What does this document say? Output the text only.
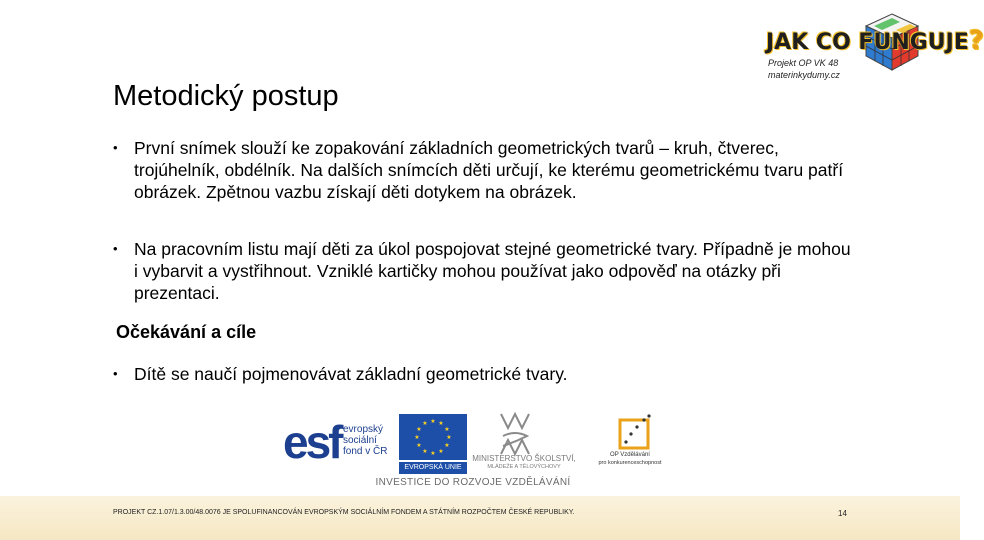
JAK CO FUNGUJE?
Projekt OP VK 48
materinkydumy.cz
Metodický postup
• První snímek slouží ke zopakování základních geometrických tvarů – kruh, čtverec, trojúhelník, obdélník. Na dalších snímcích děti určují, ke kterému geometrickému tvaru patří obrázek. Zpětnou vazbu získají děti dotykem na obrázek.
• Na pracovním listu mají děti za úkol pospojovat stejné geometrické tvary. Případně je mohou i vybarvit a vystřihnout. Vzniklé kartičky mohou používat jako odpověď na otázky při prezentaci.
Očekávání a cíle
• Dítě se naučí pojmenovávat základní geometrické tvary.
esf evropský
sociální
fond v ČR
★ ★
★
★
★
★
★
★
★
★
★
★
EVROPSKÁ UNIE
MINISTERSTVO ŠKOLSTVÍ,
MLÁDEŽE A TĚLOVÝCHOVY
OP Vzdělávání
pro konkurenceschopnost
INVESTICE DO ROZVOJE VZDĚLÁVÁNÍ
PROJEKT CZ.1.07/1.3.00/48.0076 JE SPOLUFINANCOVÁN EVROPSKÝM SOCIÁLNÍM FONDEM A STÁTNÍM ROZPOČTEM ČESKÉ REPUBLIKY.	14
